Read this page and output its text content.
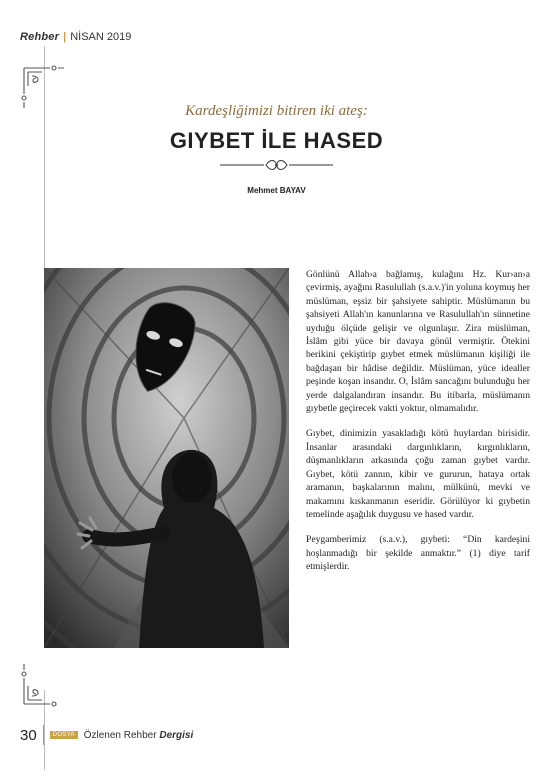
Rehber | NİSAN 2019
Kardeşliğimizi bitiren iki ateş:
GIYBET İLE HASED
Mehmet BAYAV

Gönlünü Allah›a bağlamış, kulağını Hz. Kur›an›a çevirmiş, ayağını Rasulullah (s.a.v.)'in yoluna koymuş her müslüman, eşsiz bir şahsiyete sahiptir. Müslümanın bu şahsiyeti Allah'ın kanunlarına ve Rasulullah'ın sünnetine uyduğu ölçüde gelişir ve olgunlaşır. Zira müslüman, İslâm gibi yüce bir davaya gönül vermiştir. Ötekini berikini çekiştirip gıybet etmek müslümanın kişiliği ile bağdaşan bir hâdise değildir. Müslüman, yüce idealler peşinde koşan insandır. O, İslâm sancağını bulunduğu her yerde dalgalandıran insandır. Bu itibarla, müslümanın gıybetle geçirecek vakti yoktur, olmamalıdır.

Gıybet, dinimizin yasakladığı kötü huylardan birisidir. İnsanlar arasındaki dargınlıkların, kırgınlıkların, düşmanlıkların arkasında çoğu zaman gıybet vardır. Gıybet, kötü zannın, kibir ve gururun, hataya ortak aramanın, başkalarının malını, mülkünü, mevki ve makamını kıskanmanın eseridir. Görülüyor ki gıybetin temelinde aşağılık duygusu ve hased vardır.

Peygamberimiz (s.a.v.), gıybeti: “Din kardeşini hoşlanmadığı bir şekilde anmaktır.” (1) diye tarif etmişlerdir.

30	DOSYA Özlenen Rehber Dergisi
